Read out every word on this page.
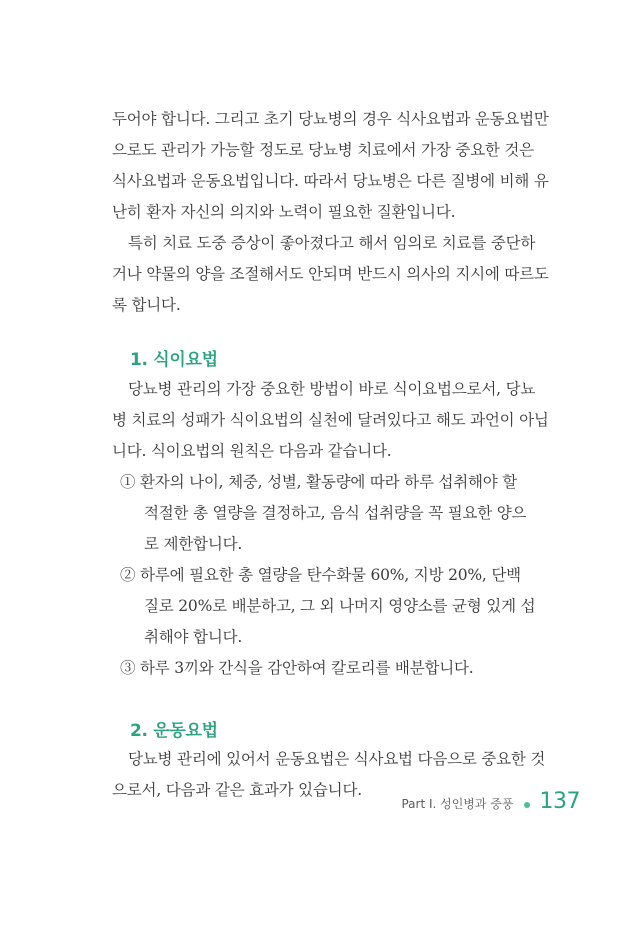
두어야 합니다. 그리고 초기 당뇨병의 경우 식사요법과 운동요법만
으로도 관리가 가능할 정도로 당뇨병 치료에서 가장 중요한 것은
식사요법과 운동요법입니다. 따라서 당뇨병은 다른 질병에 비해 유
난히 환자 자신의 의지와 노력이 필요한 질환입니다.
특히 치료 도중 증상이 좋아졌다고 해서 임의로 치료를 중단하
거나 약물의 양을 조절해서도 안되며 반드시 의사의 지시에 따르도
록 합니다.
1. 식이요법
당뇨병 관리의 가장 중요한 방법이 바로 식이요법으로서, 당뇨
병 치료의 성패가 식이요법의 실천에 달려있다고 해도 과언이 아닙
니다. 식이요법의 원칙은 다음과 같습니다.
① 환자의 나이, 체중, 성별, 활동량에 따라 하루 섭취해야 할
적절한 총 열량을 결정하고, 음식 섭취량을 꼭 필요한 양으
로 제한합니다.
② 하루에 필요한 총 열량을 탄수화물 60%, 지방 20%, 단백
질로 20%로 배분하고, 그 외 나머지 영양소를 균형 있게 섭
취해야 합니다.
③ 하루 3끼와 간식을 감안하여 칼로리를 배분합니다.
2. 운동요법
당뇨병 관리에 있어서 운동요법은 식사요법 다음으로 중요한 것
으로서, 다음과 같은 효과가 있습니다.
Part Ⅰ. 성인병과 중풍 137
